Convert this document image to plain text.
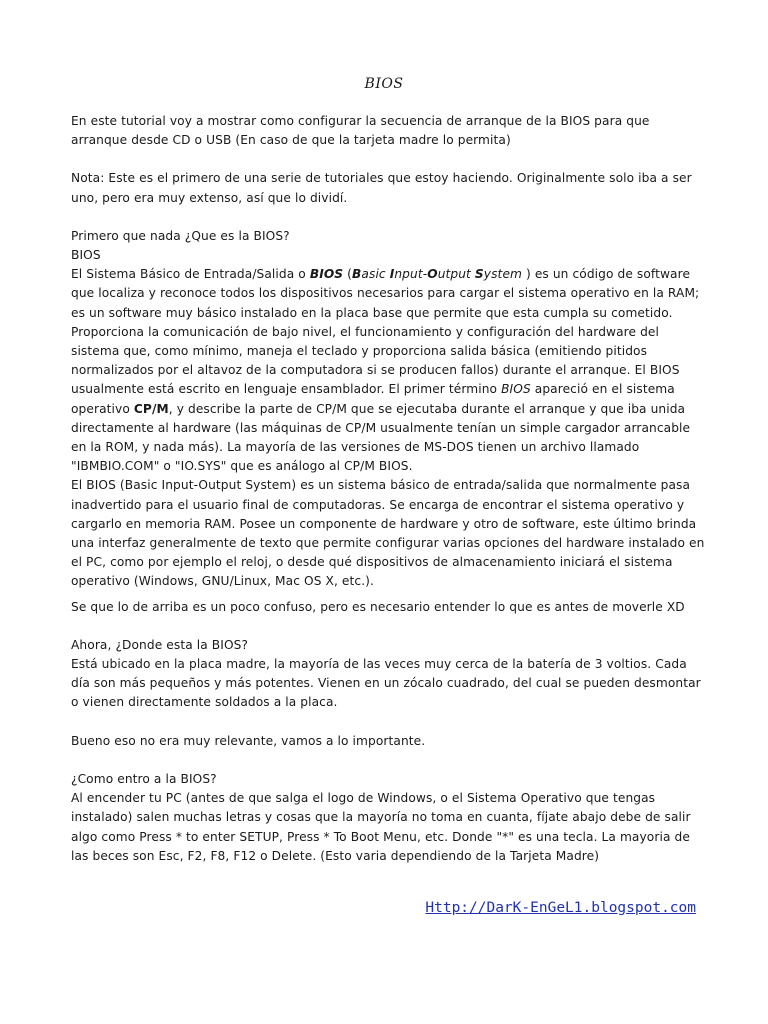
BIOS

En este tutorial voy a mostrar como configurar la secuencia de arranque de la BIOS para que arranque desde CD o USB (En caso de que la tarjeta madre lo permita)

Nota: Este es el primero de una serie de tutoriales que estoy haciendo. Originalmente solo iba a ser uno, pero era muy extenso, así que lo dividí.

Primero que nada ¿Que es la BIOS?

BIOS

El Sistema Básico de Entrada/Salida o BIOS (Basic Input-Output System ) es un código de software que localiza y reconoce todos los dispositivos necesarios para cargar el sistema operativo en la RAM; es un software muy básico instalado en la placa base que permite que esta cumpla su cometido. Proporciona la comunicación de bajo nivel, el funcionamiento y configuración del hardware del sistema que, como mínimo, maneja el teclado y proporciona salida básica (emitiendo pitidos normalizados por el altavoz de la computadora si se producen fallos) durante el arranque. El BIOS usualmente está escrito en lenguaje ensamblador. El primer término BIOS apareció en el sistema operativo CP/M, y describe la parte de CP/M que se ejecutaba durante el arranque y que iba unida directamente al hardware (las máquinas de CP/M usualmente tenían un simple cargador arrancable en la ROM, y nada más). La mayoría de las versiones de MS-DOS tienen un archivo llamado "IBMBIO.COM" o "IO.SYS" que es análogo al CP/M BIOS.

El BIOS (Basic Input-Output System) es un sistema básico de entrada/salida que normalmente pasa inadvertido para el usuario final de computadoras. Se encarga de encontrar el sistema operativo y cargarlo en memoria RAM. Posee un componente de hardware y otro de software, este último brinda una interfaz generalmente de texto que permite configurar varias opciones del hardware instalado en el PC, como por ejemplo el reloj, o desde qué dispositivos de almacenamiento iniciará el sistema operativo (Windows, GNU/Linux, Mac OS X, etc.).

Se que lo de arriba es un poco confuso, pero es necesario entender lo que es antes de moverle XD

Ahora, ¿Donde esta la BIOS?

Está ubicado en la placa madre, la mayoría de las veces muy cerca de la batería de 3 voltios. Cada día son más pequeños y más potentes. Vienen en un zócalo cuadrado, del cual se pueden desmontar o vienen directamente soldados a la placa.

Bueno eso no era muy relevante, vamos a lo importante.

¿Como entro a la BIOS?

Al encender tu PC (antes de que salga el logo de Windows, o el Sistema Operativo que tengas instalado) salen muchas letras y cosas que la mayoría no toma en cuanta, fíjate abajo debe de salir algo como Press * to enter SETUP, Press * To Boot Menu, etc. Donde "*" es una tecla. La mayoria de las beces son Esc, F2, F8, F12 o Delete. (Esto varia dependiendo de la Tarjeta Madre)

Http://DarK-EnGeL1.blogspot.com
